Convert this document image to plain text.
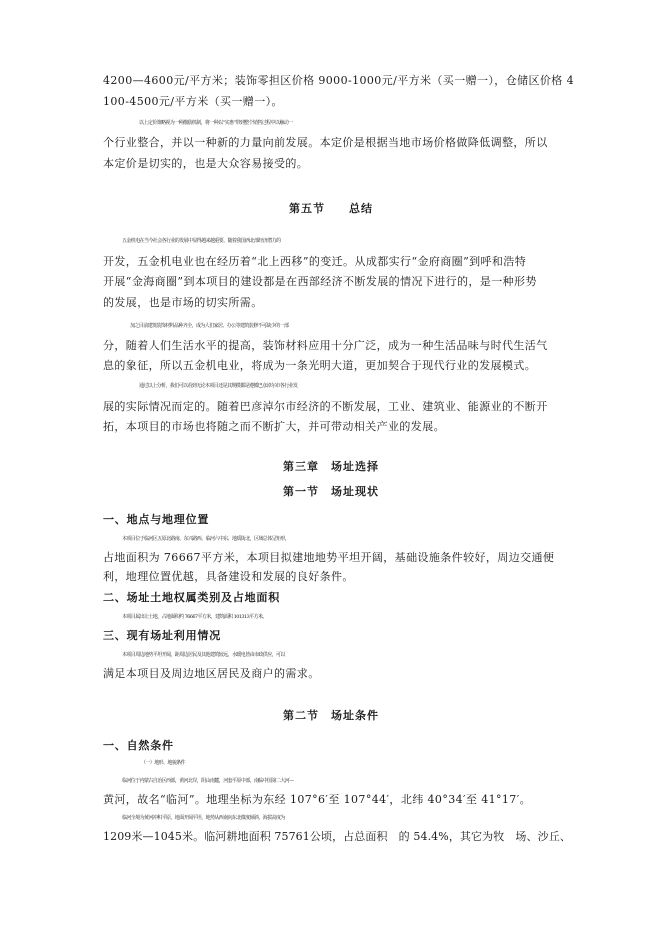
4200—4600元/平方米；装饰零担区价格 9000-1000元/平方米（买一赠一），仓储区价格 4
100-4500元/平方米（买一赠一）。
以上定价策略视为一种激励机制，将一种以“实惠”带到整个销售过程中以触动一
个行业整合，并以一种新的力量向前发展。本定价是根据当地市场价格做降低调整，所以
本定价是切实的，也是大众容易接受的。
第五节　　总结
五金机电在当今社会各行业的发展中显得越来越重要，随着我国西北部经济潜力的
开发，五金机电业也在经历着“北上西移”的变迁。从成都实行“金府商圈”到呼和浩特
开展“金海商圈”到本项目的建设都是在西部经济不断发展的情况下进行的，是一种形势
的发展，也是市场的切实所需。
加之目前建筑装饰材料品种齐全，成为人们家居、办公等建筑装修不可缺少的一部
分，随着人们生活水平的提高，装饰材料应用十分广泛，成为一种生活品味与时代生活气
息的象征，所以五金机电业，将成为一条光明大道，更加契合于现代行业的发展模式。
通过以上分析，我们可以看到无论本项目还是其规模都是遵循巴彦淖尔市各行业发
展的实际情况而定的。随着巴彦淖尔市经济的不断发展，工业、建筑业、能源业的不断开
拓，本项目的市场也将随之而不断扩大，并可带动相关产业的发展。
第三章　场址选择
第一节　场址现状
一、地点与地理位置
本项目位于临河区五原北路南、东兴路西、临河六中东、地质街北，区域总体呈矩形，
占地面积为 76667平方米，本项目拟建地地势平坦开阔，基础设施条件较好，周边交通便
利，地理位置优越，具备建设和发展的良好条件。
二、场址土地权属类别及占地面积
本项目属出让土地，占地面积约 76667平方米，建筑面积 101313平方米。
三、现有场址利用情况
本项目周边地势平坦开阔，距周边居民及其他建筑较远，水暖电皆由市政供应，可以
满足本项目及周边地区居民及商户的需求。
第二节　场址条件
一、自然条件
（一）地形、地貌条件
临河位于内蒙古自治区西部，黄河北岸，阴山南麓，河套平原中部，南临中国第二大河—
黄河，故名“临河”。地理坐标为东经 107°6′至 107°44′，北纬 40°34′至 41°17′。
临河全境为黄河冲积平原，地面开阔平坦，地势从西南向东北微度倾斜，海拔高度为
1209米—1045米。临河耕地面积 75761公顷，占总面积　的 54.4%，其它为牧　场、沙丘、
